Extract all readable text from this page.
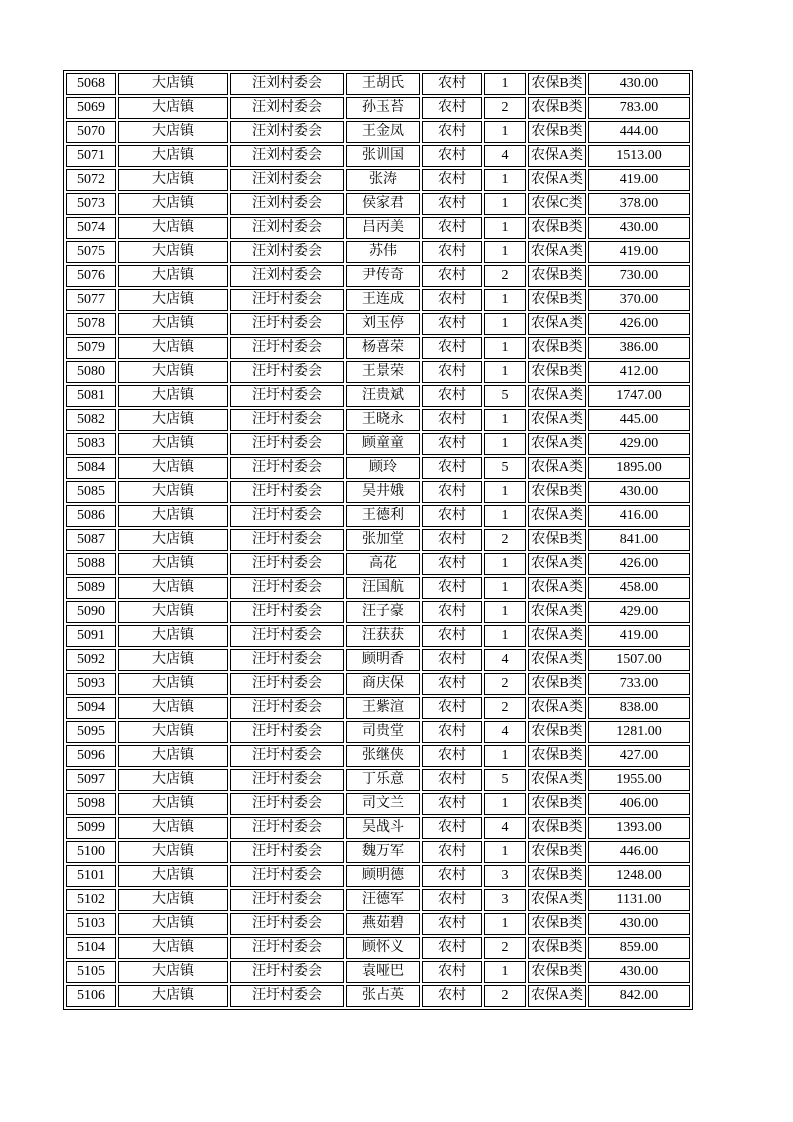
5068	大店镇	汪刘村委会	王胡氏	农村	1	农保B类	430.00
5069	大店镇	汪刘村委会	孙玉苔	农村	2	农保B类	783.00
5070	大店镇	汪刘村委会	王金凤	农村	1	农保B类	444.00
5071	大店镇	汪刘村委会	张训国	农村	4	农保A类	1513.00
5072	大店镇	汪刘村委会	张涛	农村	1	农保A类	419.00
5073	大店镇	汪刘村委会	侯家君	农村	1	农保C类	378.00
5074	大店镇	汪刘村委会	吕丙美	农村	1	农保B类	430.00
5075	大店镇	汪刘村委会	苏伟	农村	1	农保A类	419.00
5076	大店镇	汪刘村委会	尹传奇	农村	2	农保B类	730.00
5077	大店镇	汪圩村委会	王连成	农村	1	农保B类	370.00
5078	大店镇	汪圩村委会	刘玉停	农村	1	农保A类	426.00
5079	大店镇	汪圩村委会	杨喜荣	农村	1	农保B类	386.00
5080	大店镇	汪圩村委会	王景荣	农村	1	农保B类	412.00
5081	大店镇	汪圩村委会	汪贵斌	农村	5	农保A类	1747.00
5082	大店镇	汪圩村委会	王晓永	农村	1	农保A类	445.00
5083	大店镇	汪圩村委会	顾童童	农村	1	农保A类	429.00
5084	大店镇	汪圩村委会	顾玲	农村	5	农保A类	1895.00
5085	大店镇	汪圩村委会	吴井娥	农村	1	农保B类	430.00
5086	大店镇	汪圩村委会	王德利	农村	1	农保A类	416.00
5087	大店镇	汪圩村委会	张加堂	农村	2	农保B类	841.00
5088	大店镇	汪圩村委会	高花	农村	1	农保A类	426.00
5089	大店镇	汪圩村委会	汪国航	农村	1	农保A类	458.00
5090	大店镇	汪圩村委会	汪子豪	农村	1	农保A类	429.00
5091	大店镇	汪圩村委会	汪获获	农村	1	农保A类	419.00
5092	大店镇	汪圩村委会	顾明香	农村	4	农保A类	1507.00
5093	大店镇	汪圩村委会	商庆保	农村	2	农保B类	733.00
5094	大店镇	汪圩村委会	王紫渲	农村	2	农保A类	838.00
5095	大店镇	汪圩村委会	司贵堂	农村	4	农保B类	1281.00
5096	大店镇	汪圩村委会	张继侠	农村	1	农保B类	427.00
5097	大店镇	汪圩村委会	丁乐意	农村	5	农保A类	1955.00
5098	大店镇	汪圩村委会	司文兰	农村	1	农保B类	406.00
5099	大店镇	汪圩村委会	吴战斗	农村	4	农保B类	1393.00
5100	大店镇	汪圩村委会	魏万军	农村	1	农保B类	446.00
5101	大店镇	汪圩村委会	顾明德	农村	3	农保B类	1248.00
5102	大店镇	汪圩村委会	汪德军	农村	3	农保A类	1131.00
5103	大店镇	汪圩村委会	燕茹碧	农村	1	农保B类	430.00
5104	大店镇	汪圩村委会	顾怀义	农村	2	农保B类	859.00
5105	大店镇	汪圩村委会	袁哑巴	农村	1	农保B类	430.00
5106	大店镇	汪圩村委会	张占英	农村	2	农保A类	842.00
